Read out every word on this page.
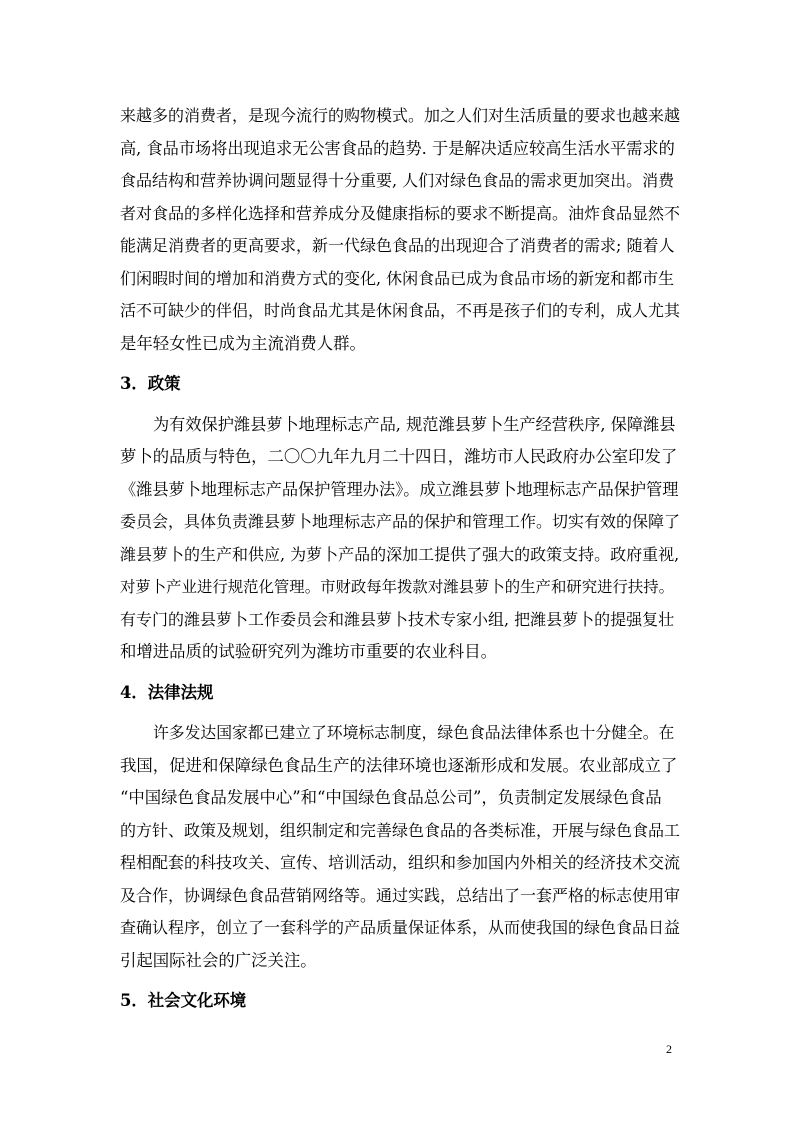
来越多的消费者，是现今流行的购物模式。加之人们对生活质量的要求也越来越
高, 食品市场将出现追求无公害食品的趋势. 于是解决适应较高生活水平需求的
食品结构和营养协调问题显得十分重要, 人们对绿色食品的需求更加突出。消费
者对食品的多样化选择和营养成分及健康指标的要求不断提高。油炸食品显然不
能满足消费者的更高要求，新一代绿色食品的出现迎合了消费者的需求; 随着人
们闲暇时间的增加和消费方式的变化, 休闲食品已成为食品市场的新宠和都市生
活不可缺少的伴侣，时尚食品尤其是休闲食品，不再是孩子们的专利，成人尤其
是年轻女性已成为主流消费人群。
3．政策
为有效保护潍县萝卜地理标志产品, 规范潍县萝卜生产经营秩序, 保障潍县
萝卜的品质与特色，二〇〇九年九月二十四日，潍坊市人民政府办公室印发了
《潍县萝卜地理标志产品保护管理办法》。成立潍县萝卜地理标志产品保护管理
委员会，具体负责潍县萝卜地理标志产品的保护和管理工作。切实有效的保障了
潍县萝卜的生产和供应, 为萝卜产品的深加工提供了强大的政策支持。政府重视,
对萝卜产业进行规范化管理。市财政每年拨款对潍县萝卜的生产和研究进行扶持。
有专门的潍县萝卜工作委员会和潍县萝卜技术专家小组, 把潍县萝卜的提强复壮
和增进品质的试验研究列为潍坊市重要的农业科目。
4．法律法规
许多发达国家都已建立了环境标志制度，绿色食品法律体系也十分健全。在
我国，促进和保障绿色食品生产的法律环境也逐渐形成和发展。农业部成立了
“中国绿色食品发展中心”和“中国绿色食品总公司”，负责制定发展绿色食品
的方针、政策及规划，组织制定和完善绿色食品的各类标准，开展与绿色食品工
程相配套的科技攻关、宣传、培训活动，组织和参加国内外相关的经济技术交流
及合作，协调绿色食品营销网络等。通过实践，总结出了一套严格的标志使用审
查确认程序，创立了一套科学的产品质量保证体系，从而使我国的绿色食品日益
引起国际社会的广泛关注。
5．社会文化环境
2
